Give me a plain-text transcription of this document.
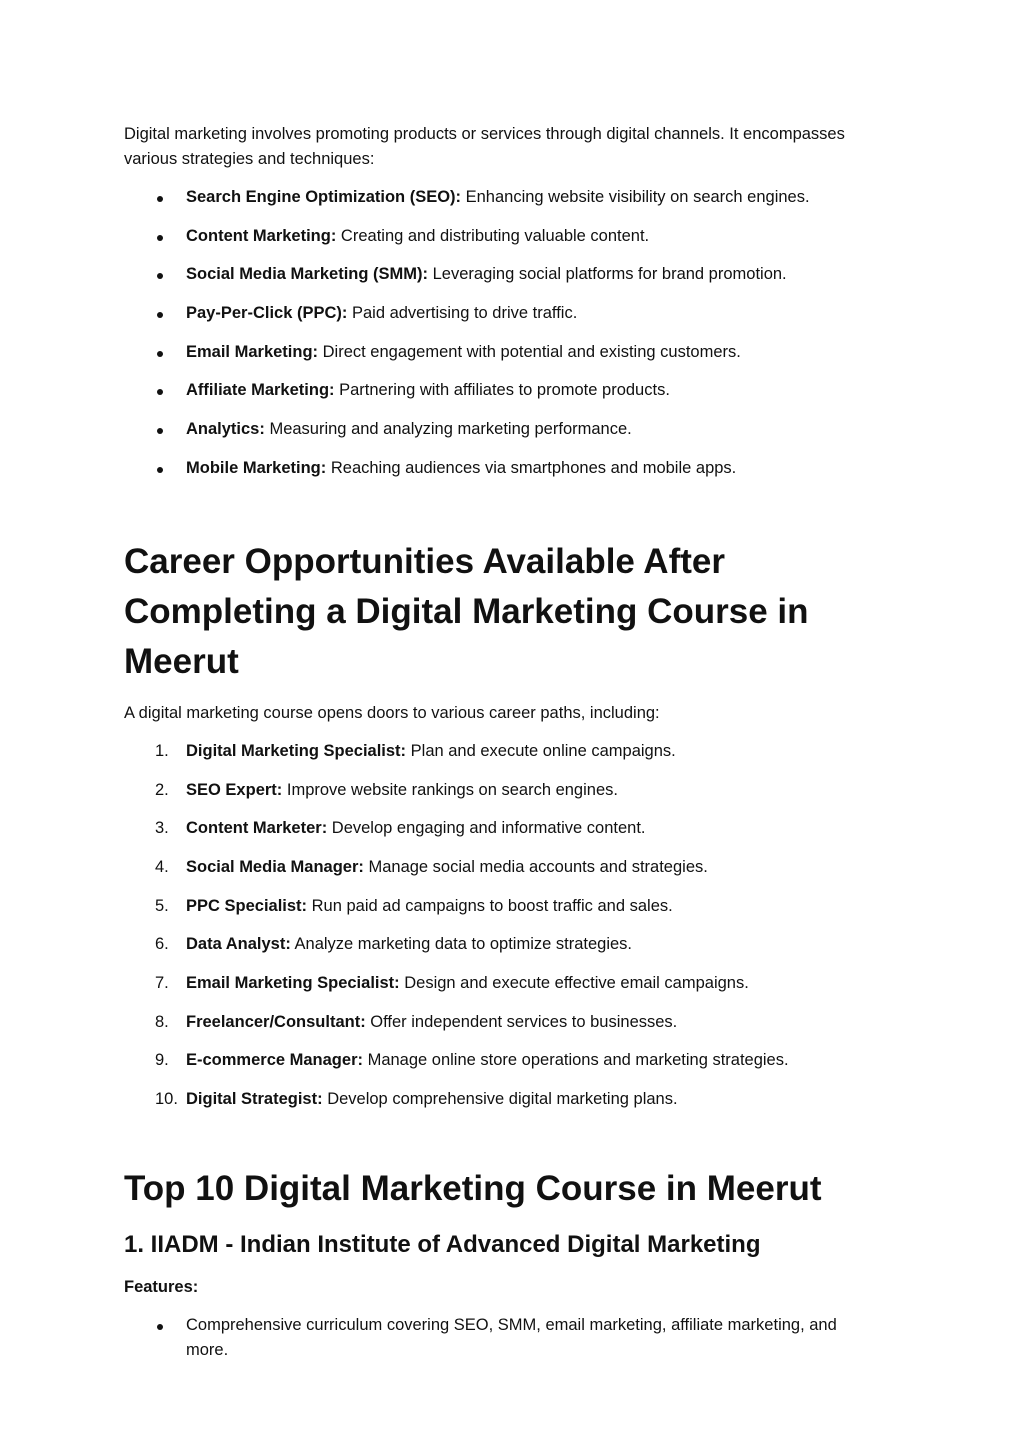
Digital marketing involves promoting products or services through digital channels. It encompasses various strategies and techniques:

Search Engine Optimization (SEO): Enhancing website visibility on search engines.
Content Marketing: Creating and distributing valuable content.
Social Media Marketing (SMM): Leveraging social platforms for brand promotion.
Pay-Per-Click (PPC): Paid advertising to drive traffic.
Email Marketing: Direct engagement with potential and existing customers.
Affiliate Marketing: Partnering with affiliates to promote products.
Analytics: Measuring and analyzing marketing performance.
Mobile Marketing: Reaching audiences via smartphones and mobile apps.
Career Opportunities Available After Completing a Digital Marketing Course in Meerut

A digital marketing course opens doors to various career paths, including:

1. Digital Marketing Specialist: Plan and execute online campaigns.
2. SEO Expert: Improve website rankings on search engines.
3. Content Marketer: Develop engaging and informative content.
4. Social Media Manager: Manage social media accounts and strategies.
5. PPC Specialist: Run paid ad campaigns to boost traffic and sales.
6. Data Analyst: Analyze marketing data to optimize strategies.
7. Email Marketing Specialist: Design and execute effective email campaigns.
8. Freelancer/Consultant: Offer independent services to businesses.
9. E-commerce Manager: Manage online store operations and marketing strategies.
10. Digital Strategist: Develop comprehensive digital marketing plans.
Top 10 Digital Marketing Course in Meerut
1. IIADM - Indian Institute of Advanced Digital Marketing

Features:

Comprehensive curriculum covering SEO, SMM, email marketing, affiliate marketing, and more.
